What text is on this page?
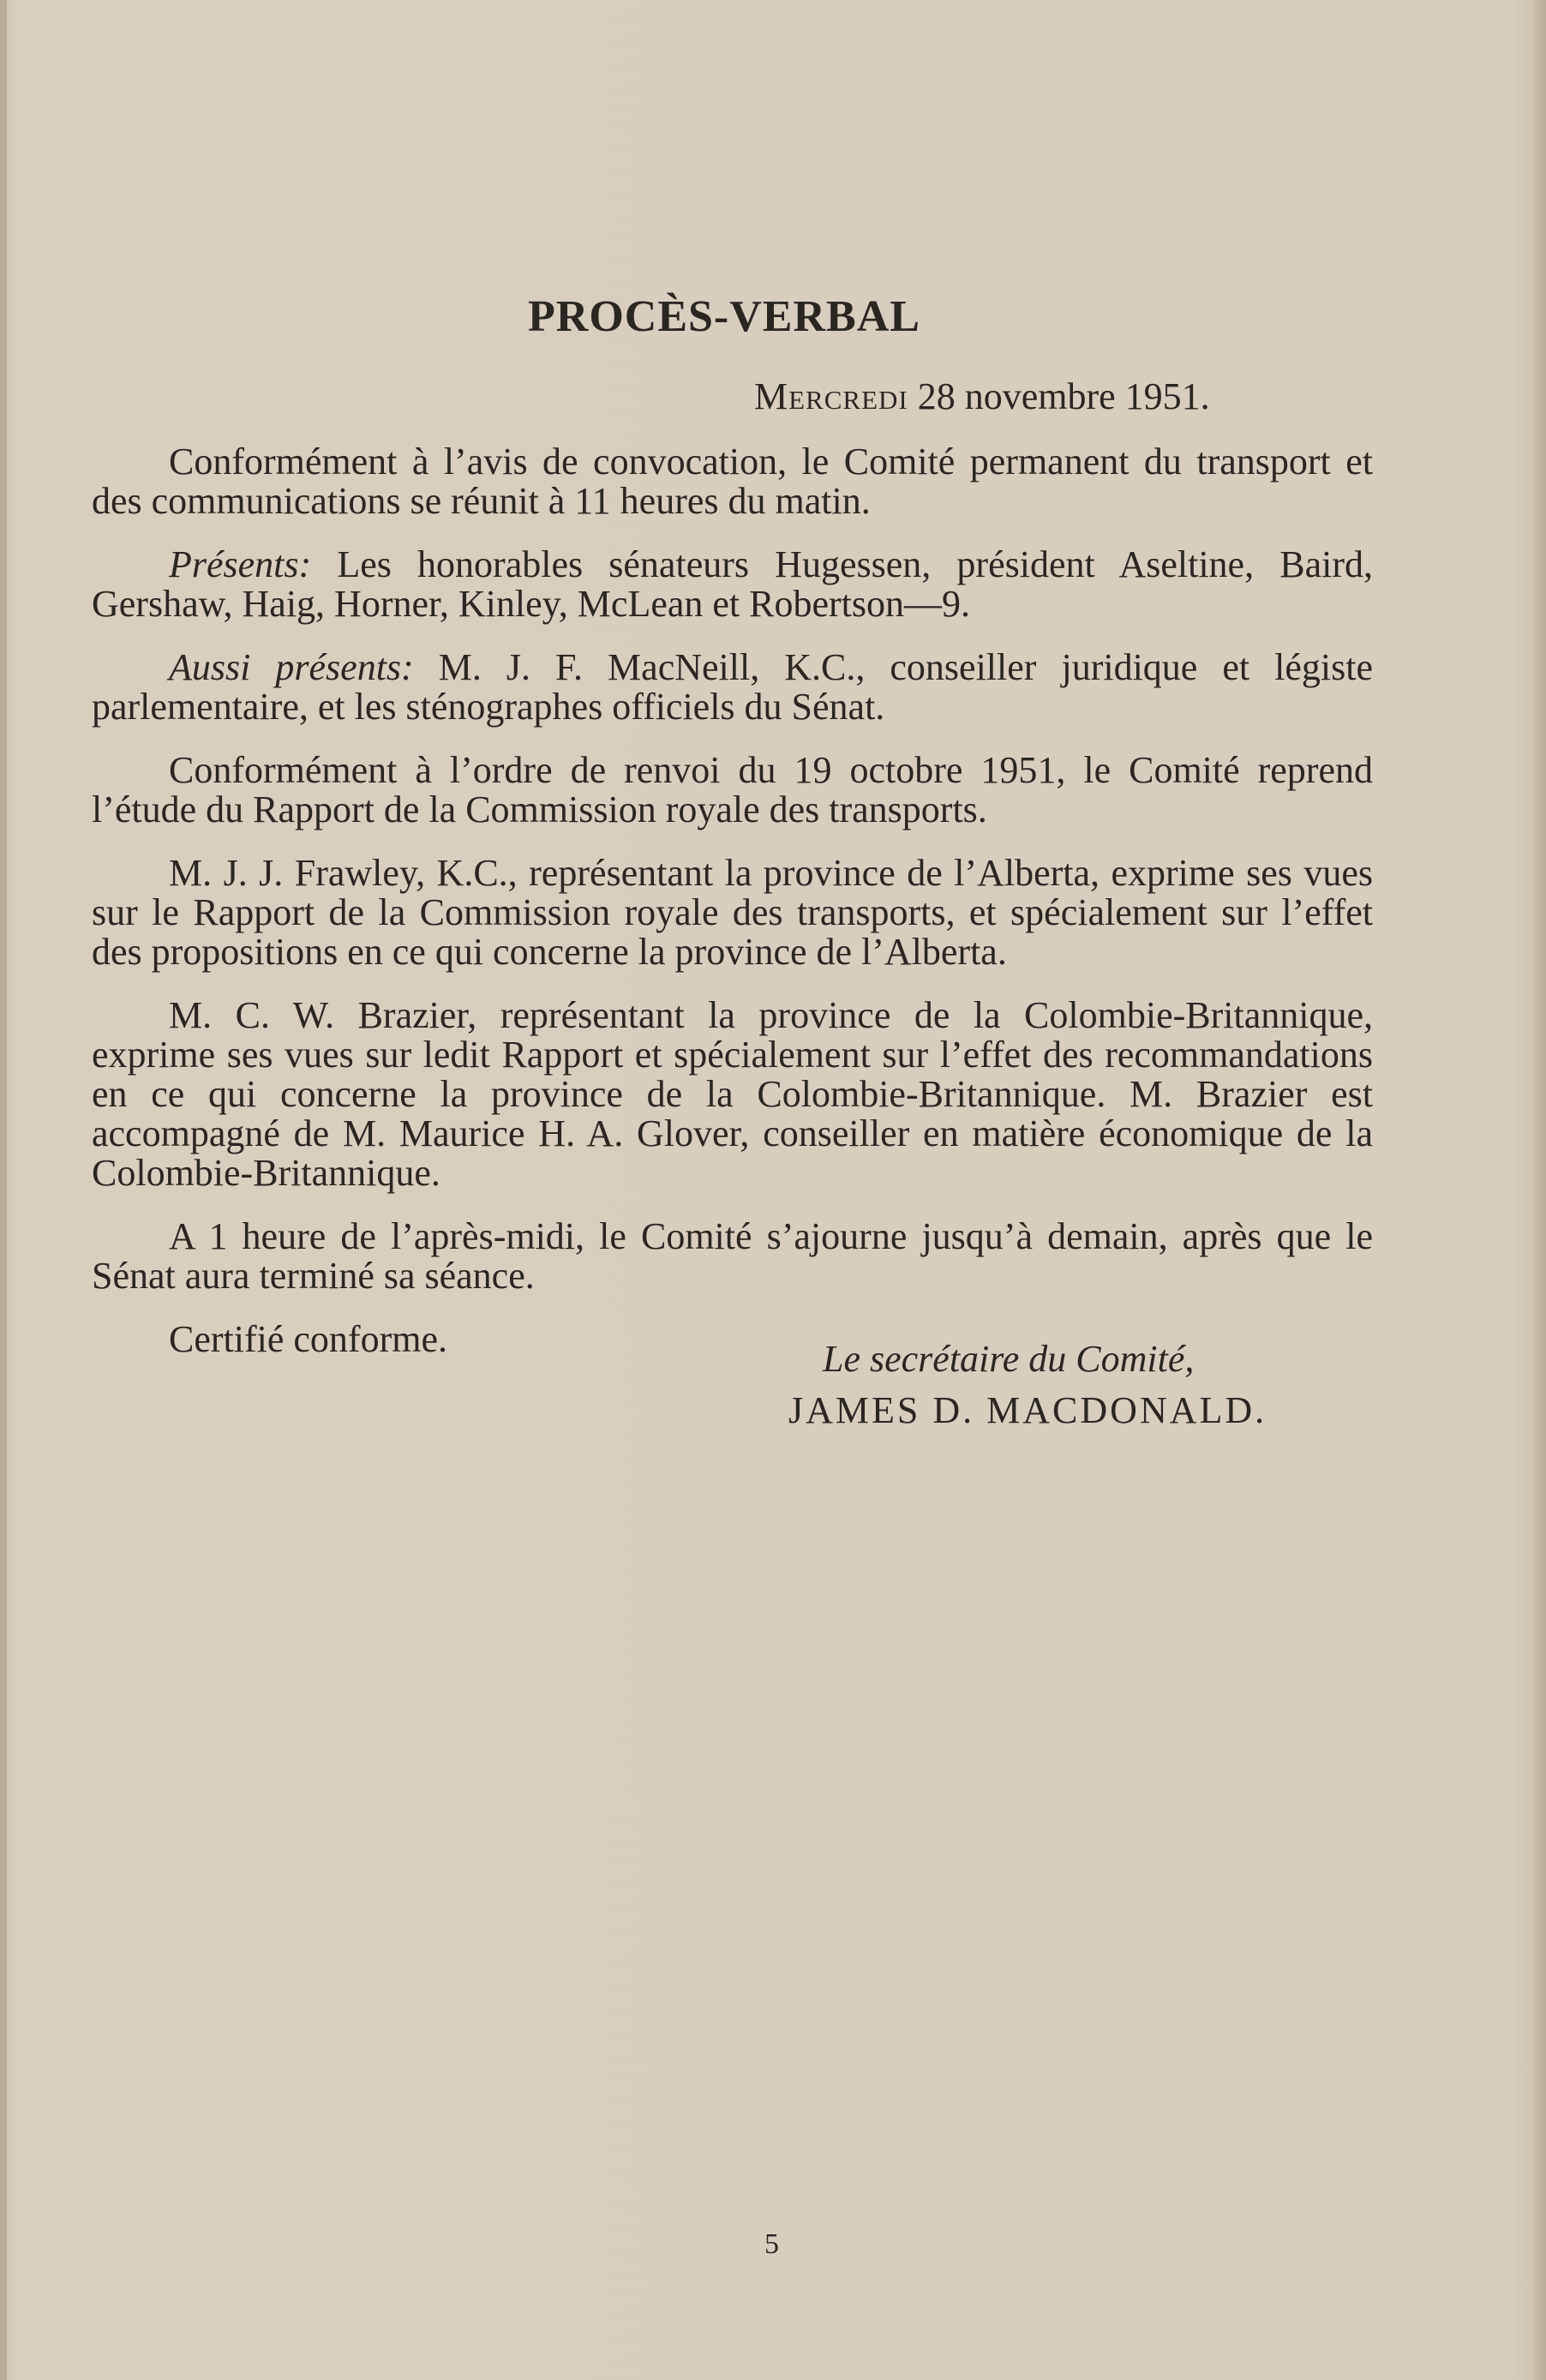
PROCÈS-VERBAL

Mercredi 28 novembre 1951.

Conformément à l’avis de convocation, le Comité permanent du transport et des communications se réunit à 11 heures du matin.

Présents: Les honorables sénateurs Hugessen, président Aseltine, Baird, Gershaw, Haig, Horner, Kinley, McLean et Robertson—9.

Aussi présents: M. J. F. MacNeill, K.C., conseiller juridique et légiste parlementaire, et les sténographes officiels du Sénat.

Conformément à l’ordre de renvoi du 19 octobre 1951, le Comité reprend l’étude du Rapport de la Commission royale des transports.

M. J. J. Frawley, K.C., représentant la province de l’Alberta, exprime ses vues sur le Rapport de la Commission royale des transports, et spécialement sur l’effet des propositions en ce qui concerne la province de l’Alberta.

M. C. W. Brazier, représentant la province de la Colombie-Britannique, exprime ses vues sur ledit Rapport et spécialement sur l’effet des recommandations en ce qui concerne la province de la Colombie-Britannique. M. Brazier est accompagné de M. Maurice H. A. Glover, conseiller en matière économique de la Colombie-Britannique.

A 1 heure de l’après-midi, le Comité s’ajourne jusqu’à demain, après que le Sénat aura terminé sa séance.

Certifié conforme.	Le secrétaire du Comité,

JAMES D. MACDONALD.

5
